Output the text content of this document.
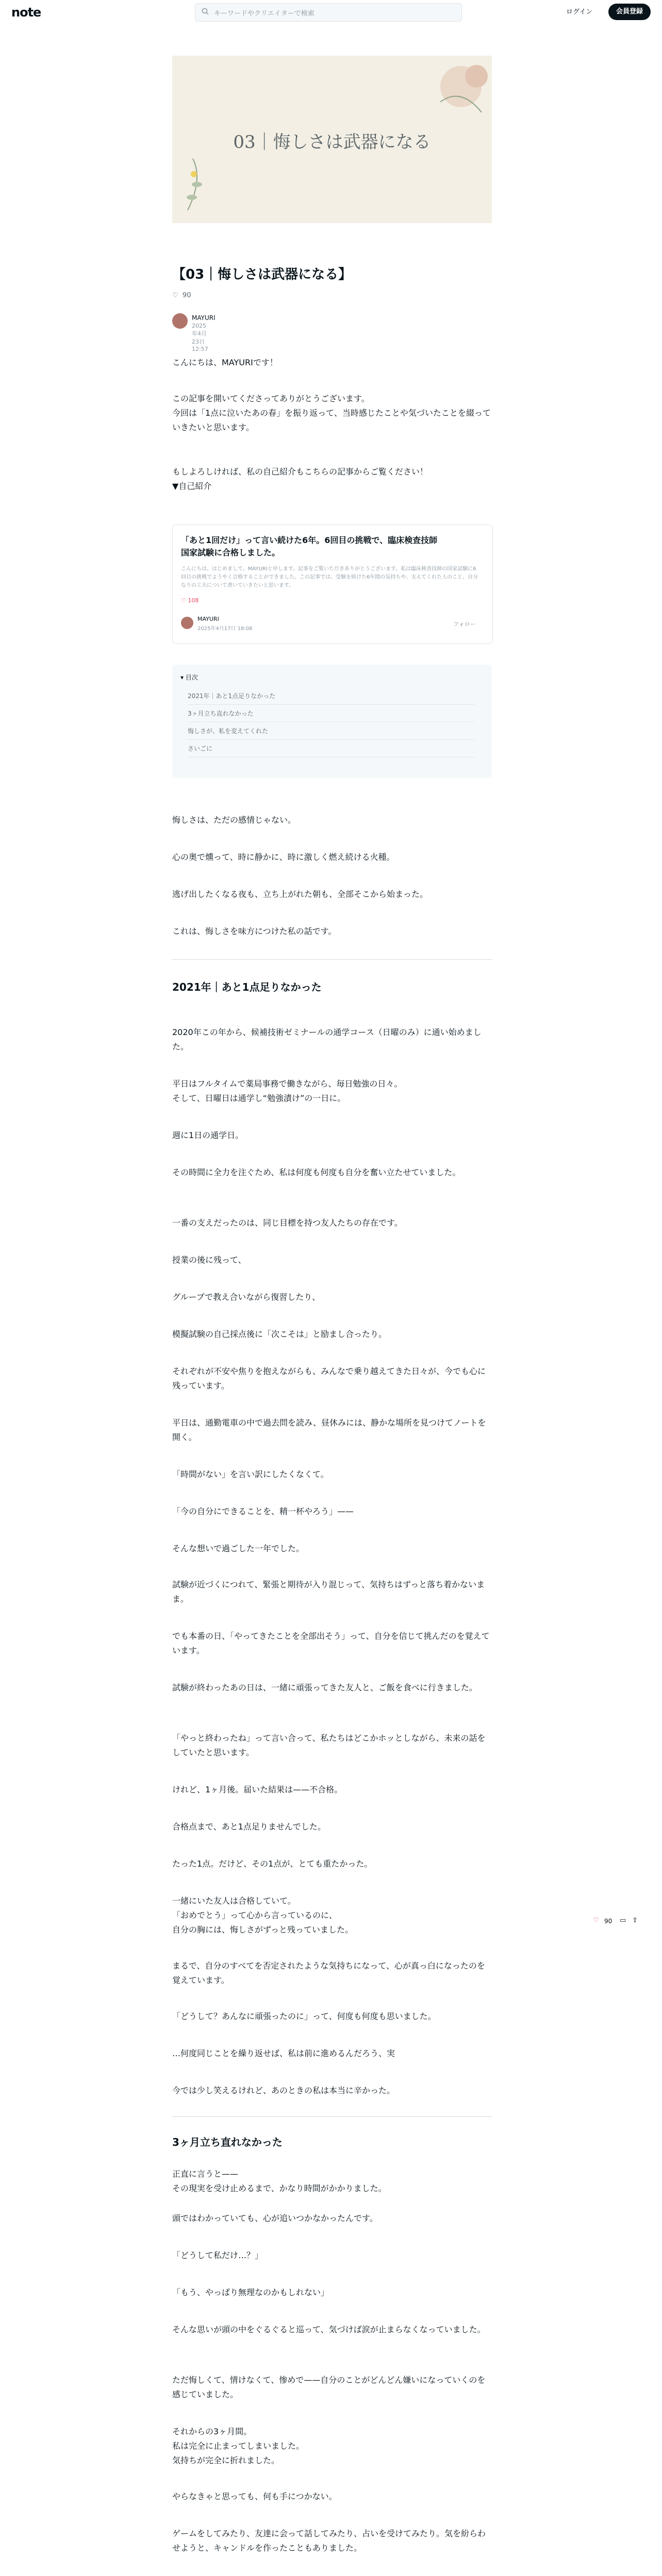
note	キーワードやクリエイターで検索	ログイン	会員登録
03｜悔しさは武器になる
【03｜悔しさは武器になる】
♡ 90
MAYURI
2025年4月23日 12:57
こんにちは、MAYURIです！
この記事を開いてくださってありがとうございます。
今回は「1点に泣いたあの春」を振り返って、当時感じたことや気づいたことを綴っていきたいと思います。
もしよろしければ、私の自己紹介もこちらの記事からご覧ください！
▼自己紹介
「あと1回だけ」って言い続けた6年。6回目の挑戦で、臨床検査技師国家試験に合格しました。
こんにちは。はじめまして、MAYURIと申します。記事をご覧いただきありがとうございます。私は臨床検査技師の国家試験に6回目の挑戦でようやく合格することができました。この記事では、受験を続けた6年間の気持ちや、支えてくれた人のこと、自分なりの工夫について書いていきたいと思います。
♡ 108
MAYURI
2025年4月17日 18:08
フォロー
▾ 目次
2021年｜あと1点足りなかった
3ヶ月立ち直れなかった
悔しさが、私を変えてくれた
さいごに
悔しさは、ただの感情じゃない。
心の奥で燻って、時に静かに、時に激しく燃え続ける火種。
逃げ出したくなる夜も、立ち上がれた朝も、全部そこから始まった。
これは、悔しさを味方につけた私の話です。
2021年｜あと1点足りなかった
2020年この年から、候補技術ゼミナールの通学コース（日曜のみ）に通い始めました。
平日はフルタイムで薬局事務で働きながら、毎日勉強の日々。
そして、日曜日は通学し“勉強漬け”の一日に。
週に1日の通学日。
その時間に全力を注ぐため、私は何度も何度も自分を奮い立たせていました。
一番の支えだったのは、同じ目標を持つ友人たちの存在です。
授業の後に残って、
グループで教え合いながら復習したり、
模擬試験の自己採点後に「次こそは」と励まし合ったり。
それぞれが不安や焦りを抱えながらも、みんなで乗り越えてきた日々が、今でも心に残っています。
平日は、通勤電車の中で過去問を読み、昼休みには、静かな場所を見つけてノートを開く。
「時間がない」を言い訳にしたくなくて。
「今の自分にできることを、精一杯やろう」——
そんな想いで過ごした一年でした。
試験が近づくにつれて、緊張と期待が入り混じって、気持ちはずっと落ち着かないまま。
でも本番の日、「やってきたことを全部出そう」って、自分を信じて挑んだのを覚えています。
試験が終わったあの日は、一緒に頑張ってきた友人と、ご飯を食べに行きました。
「やっと終わったね」って言い合って、私たちはどこかホッとしながら、未来の話をしていたと思います。
けれど、1ヶ月後。届いた結果は——不合格。
合格点まで、あと1点足りませんでした。
たった1点。だけど、その1点が、とても重たかった。
一緒にいた友人は合格していて。
「おめでとう」って心から言っているのに、
自分の胸には、悔しさがずっと残っていました。
まるで、自分のすべてを否定されたような気持ちになって、心が真っ白になったのを覚えています。
「どうして？あんなに頑張ったのに」って、何度も何度も思いました。
…何度同じことを繰り返せば、私は前に進めるんだろう、実
今では少し笑えるけれど、あのときの私は本当に辛かった。
3ヶ月立ち直れなかった
正直に言うと——
その現実を受け止めるまで、かなり時間がかかりました。
頭ではわかっていても、心が追いつかなかったんです。
「どうして私だけ…？」
「もう、やっぱり無理なのかもしれない」
そんな思いが頭の中をぐるぐると巡って、気づけば涙が止まらなくなっていました。
ただ悔しくて、情けなくて、惨めで——自分のことがどんどん嫌いになっていくのを感じていました。
それからの3ヶ月間。
私は完全に止まってしまいました。
気持ちが完全に折れました。
やらなきゃと思っても、何も手につかない。
ゲームをしてみたり、友達に会って話してみたり、占いを受けてみたり。気を紛らわせようと、キャンドルを作ったこともありました。
♡ 90 ▭ ⇪
